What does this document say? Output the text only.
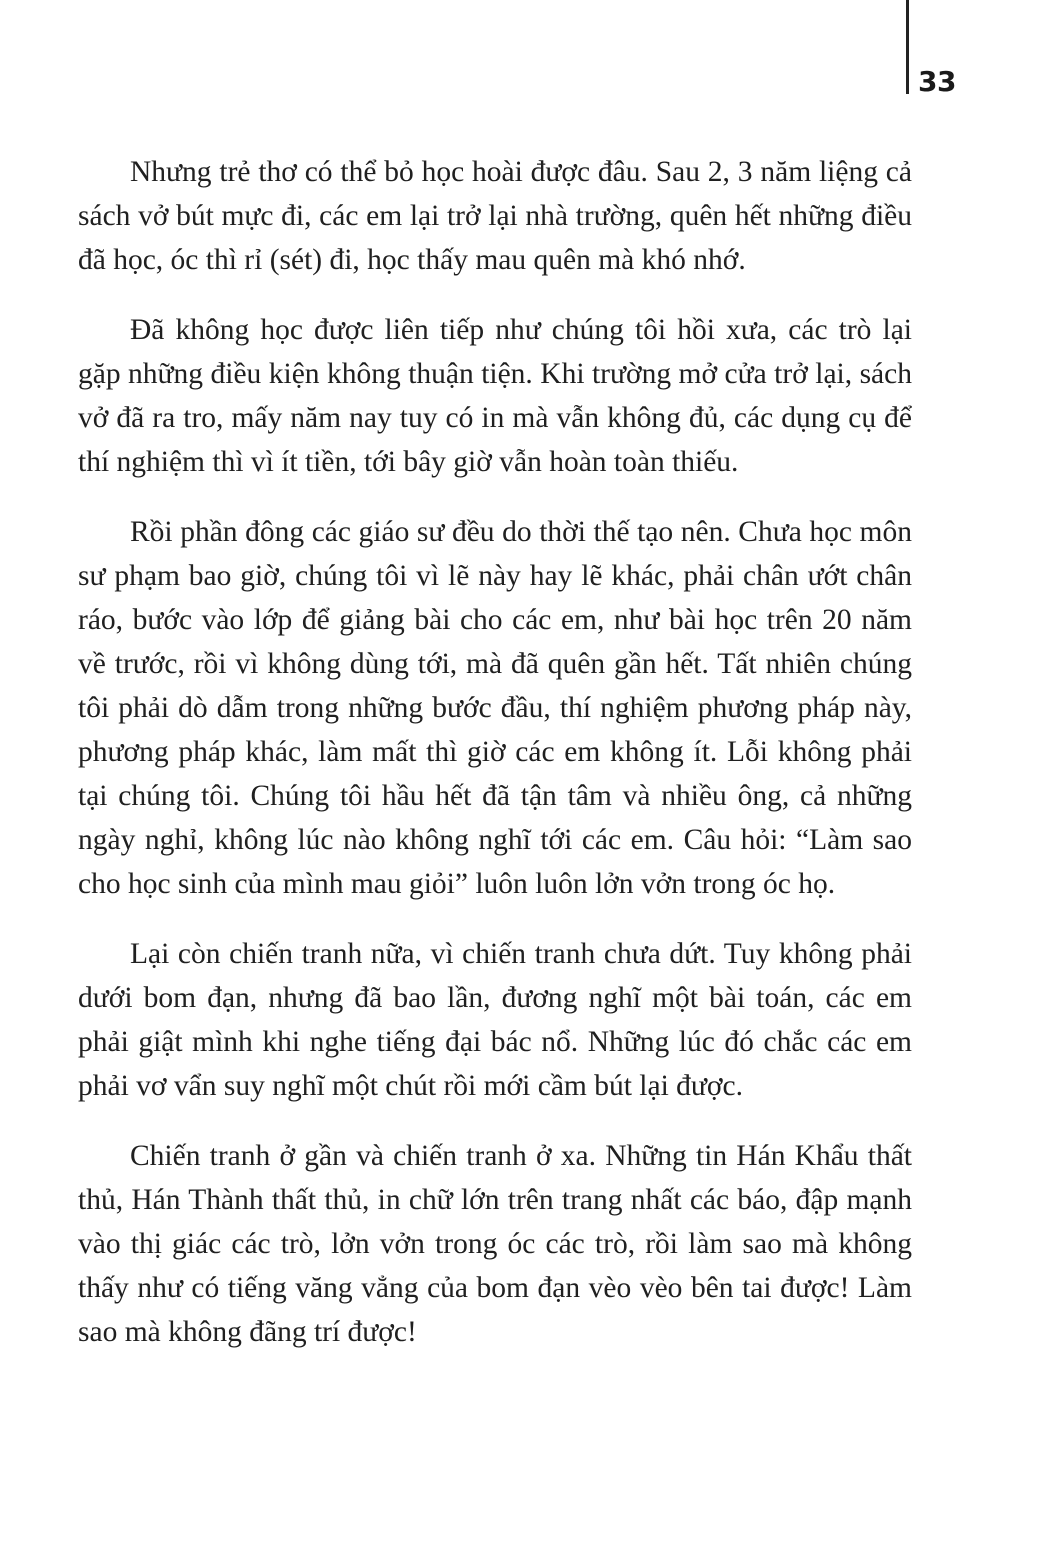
33

Nhưng trẻ thơ có thể bỏ học hoài được đâu. Sau 2, 3 năm liệng cả sách vở bút mực đi, các em lại trở lại nhà trường, quên hết những điều đã học, óc thì rỉ (sét) đi, học thấy mau quên mà khó nhớ.

Đã không học được liên tiếp như chúng tôi hồi xưa, các trò lại gặp những điều kiện không thuận tiện. Khi trường mở cửa trở lại, sách vở đã ra tro, mấy năm nay tuy có in mà vẫn không đủ, các dụng cụ để thí nghiệm thì vì ít tiền, tới bây giờ vẫn hoàn toàn thiếu.

Rồi phần đông các giáo sư đều do thời thế tạo nên. Chưa học môn sư phạm bao giờ, chúng tôi vì lẽ này hay lẽ khác, phải chân ướt chân ráo, bước vào lớp để giảng bài cho các em, như bài học trên 20 năm về trước, rồi vì không dùng tới, mà đã quên gần hết. Tất nhiên chúng tôi phải dò dẫm trong những bước đầu, thí nghiệm phương pháp này, phương pháp khác, làm mất thì giờ các em không ít. Lỗi không phải tại chúng tôi. Chúng tôi hầu hết đã tận tâm và nhiều ông, cả những ngày nghỉ, không lúc nào không nghĩ tới các em. Câu hỏi: “Làm sao cho học sinh của mình mau giỏi” luôn luôn lởn vởn trong óc họ.

Lại còn chiến tranh nữa, vì chiến tranh chưa dứt. Tuy không phải dưới bom đạn, nhưng đã bao lần, đương nghĩ một bài toán, các em phải giật mình khi nghe tiếng đại bác nổ. Những lúc đó chắc các em phải vơ vẩn suy nghĩ một chút rồi mới cầm bút lại được.

Chiến tranh ở gần và chiến tranh ở xa. Những tin Hán Khẩu thất thủ, Hán Thành thất thủ, in chữ lớn trên trang nhất các báo, đập mạnh vào thị giác các trò, lởn vởn trong óc các trò, rồi làm sao mà không thấy như có tiếng văng vẳng của bom đạn vèo vèo bên tai được! Làm sao mà không đãng trí được!
